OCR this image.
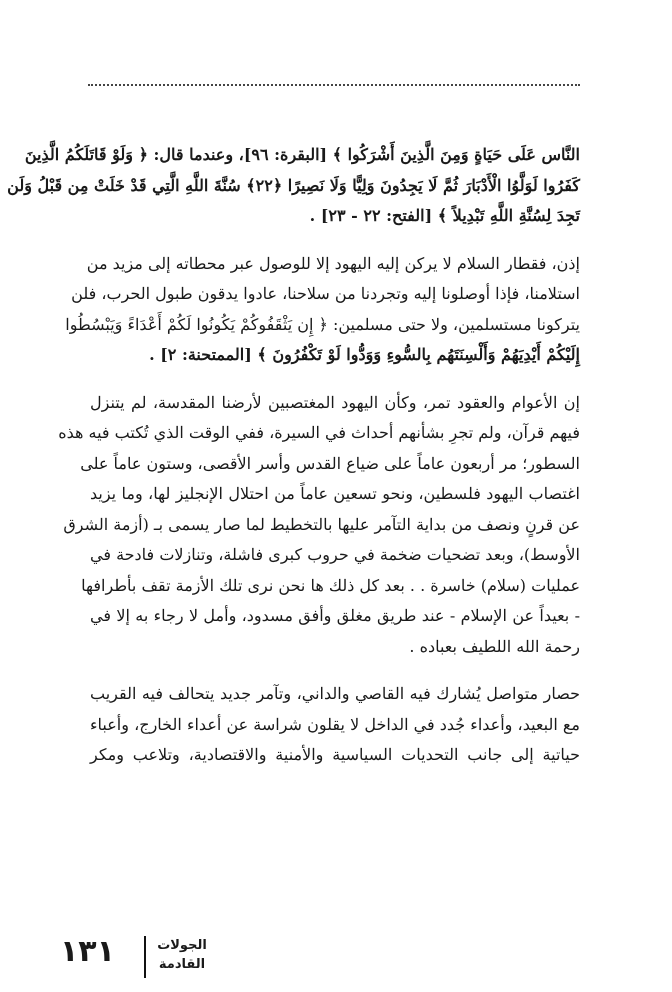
النَّاس عَلَى حَيَاةٍ وَمِنَ الَّذِينَ أَشْرَكُوا ﴾ [البقرة: ٩٦]، وعندما قال: ﴿ وَلَوْ قَاتَلَكُمُ الَّذِينَ
كَفَرُوا لَوَلَّوُا الْأَدْبَارَ ثُمَّ لَا يَجِدُونَ وَلِيًّا وَلَا نَصِيرًا ﴿٢٢﴾ سُنَّةَ اللَّهِ الَّتِي قَدْ خَلَتْ مِن قَبْلُ وَلَن
تَجِدَ لِسُنَّةِ اللَّهِ تَبْدِيلاً ﴾ [الفتح: ٢٢ - ٢٣] .
إذن، فقطار السلام لا يركن إليه اليهود إلا للوصول عبر محطاته إلى مزيد من
استلامنا، فإذا أوصلونا إليه وتجردنا من سلاحنا، عادوا يدقون طبول الحرب، فلن
يتركونا مستسلمين، ولا حتى مسلمين: ﴿ إِن يَثْقَفُوكُمْ يَكُونُوا لَكُمْ أَعْدَاءً وَيَبْسُطُوا
إِلَيْكُمْ أَيْدِيَهُمْ وَأَلْسِنَتَهُم بِالسُّوءِ وَوَدُّوا لَوْ تَكْفُرُونَ ﴾ [الممتحنة: ٢] .
إن الأعوام والعقود تمر، وكأن اليهود المغتصبين لأرضنا المقدسة، لم يتنزل
فيهم قرآن، ولم تجرِ بشأنهم أحداث في السيرة، ففي الوقت الذي تُكتب فيه هذه
السطور؛ مر أربعون عاماً على ضياع القدس وأسر الأقصى، وستون عاماً على
اغتصاب اليهود فلسطين، ونحو تسعين عاماً من احتلال الإنجليز لها، وما يزيد
عن قرنٍ ونصف من بداية التآمر عليها بالتخطيط لما صار يسمى بـ (أزمة الشرق
الأوسط)، وبعد تضحيات ضخمة في حروب كبرى فاشلة، وتنازلات فادحة في
عمليات (سلام) خاسرة . . بعد كل ذلك ها نحن نرى تلك الأزمة تقف بأطرافها
- بعيداً عن الإسلام - عند طريق مغلق وأفق مسدود، وأمل لا رجاء به إلا في
رحمة الله اللطيف بعباده .
حصار متواصل يُشارك فيه القاصي والداني، وتآمر جديد يتحالف فيه القريب
مع البعيد، وأعداء جُدد في الداخل لا يقلون شراسة عن أعداء الخارج، وأعباء
حياتية إلى جانب التحديات السياسية والأمنية والاقتصادية، وتلاعب ومكر
١٣١	الجولات
القادمة
